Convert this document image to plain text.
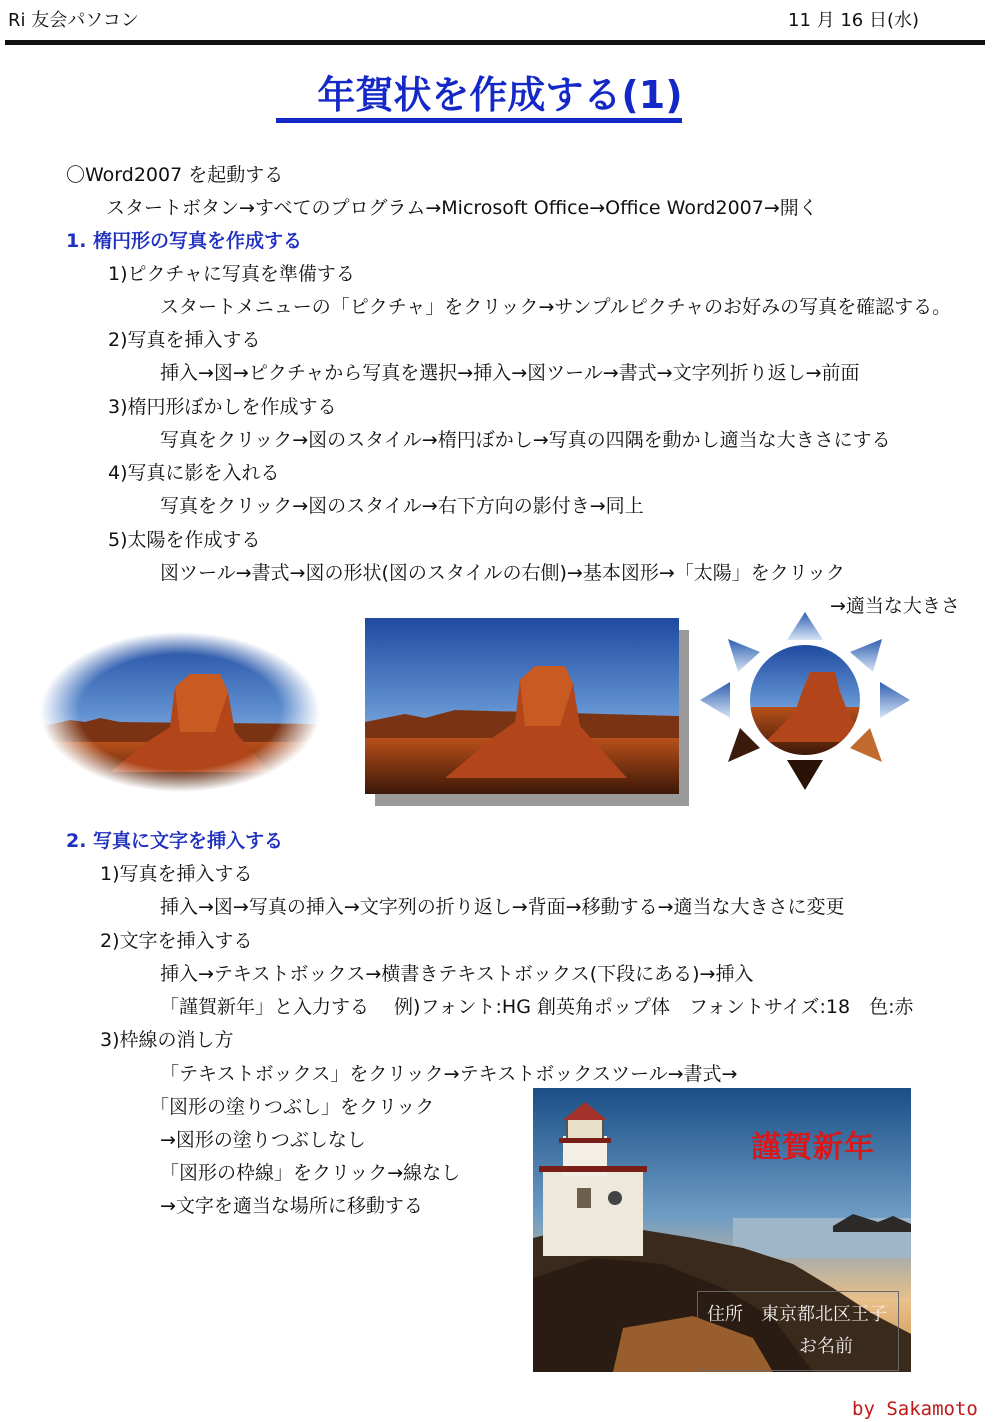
Ri 友会パソコン	11 月 16 日(水)
年賀状を作成する(1)
〇Word2007 を起動する
スタートボタン→すべてのプログラム→Microsoft Office→Office Word2007→開く
1. 楕円形の写真を作成する
1)ピクチャに写真を準備する
スタートメニューの「ピクチャ」をクリック→サンプルピクチャのお好みの写真を確認する。
2)写真を挿入する
挿入→図→ピクチャから写真を選択→挿入→図ツール→書式→文字列折り返し→前面
3)楕円形ぼかしを作成する
写真をクリック→図のスタイル→楕円ぼかし→写真の四隅を動かし適当な大きさにする
4)写真に影を入れる
写真をクリック→図のスタイル→右下方向の影付き→同上
5)太陽を作成する
図ツール→書式→図の形状(図のスタイルの右側)→基本図形→「太陽」をクリック
→適当な大きさ
2. 写真に文字を挿入する
1)写真を挿入する
挿入→図→写真の挿入→文字列の折り返し→背面→移動する→適当な大きさに変更
2)文字を挿入する
挿入→テキストボックス→横書きテキストボックス(下段にある)→挿入
「謹賀新年」と入力する　 例)フォント:HG 創英角ポップ体　フォントサイズ:18　色:赤
3)枠線の消し方
「テキストボックス」をクリック→テキストボックスツール→書式→
「図形の塗りつぶし」をクリック
→図形の塗りつぶしなし
「図形の枠線」をクリック→線なし
→文字を適当な場所に移動する
謹賀新年
住所　東京都北区王子
お名前
by Sakamoto
